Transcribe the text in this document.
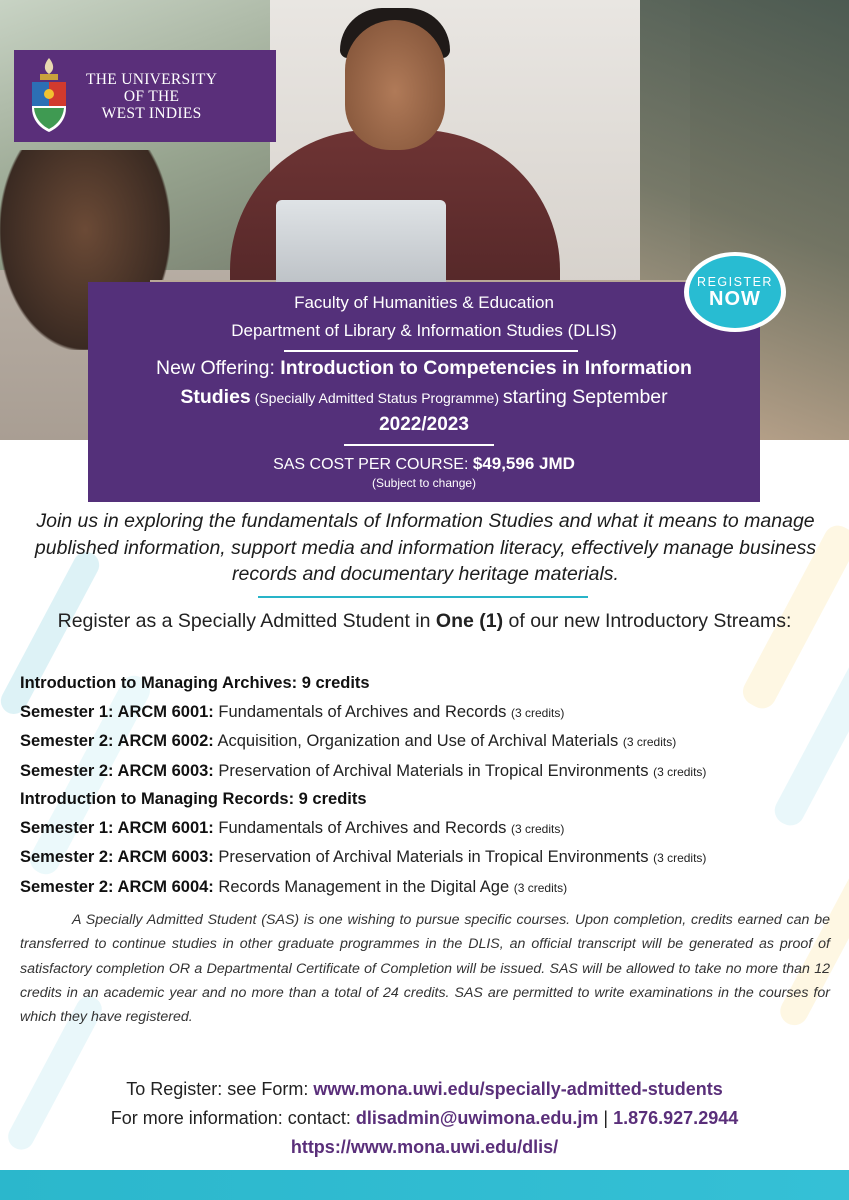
THE UNIVERSITY
OF THE
WEST INDIES
Faculty of Humanities & Education
Department of Library & Information Studies (DLIS)
New Offering: Introduction to Competencies in Information
Studies (Specially Admitted Status Programme) starting September
2022/2023
SAS COST PER COURSE: $49,596 JMD
(Subject to change)
REGISTER
NOW
Join us in exploring the fundamentals of Information Studies and what it means to manage published information, support media and information literacy, effectively manage business records and documentary heritage materials.
Register as a Specially Admitted Student in One (1) of our new Introductory Streams:
Introduction to Managing Archives: 9 credits
Semester 1: ARCM 6001: Fundamentals of Archives and Records (3 credits)
Semester 2: ARCM 6002: Acquisition, Organization and Use of Archival Materials (3 credits)
Semester 2: ARCM 6003: Preservation of Archival Materials in Tropical Environments (3 credits)
Introduction to Managing Records: 9 credits
Semester 1: ARCM 6001: Fundamentals of Archives and Records (3 credits)
Semester 2: ARCM 6003: Preservation of Archival Materials in Tropical Environments (3 credits)
Semester 2: ARCM 6004: Records Management in the Digital Age (3 credits)
A Specially Admitted Student (SAS) is one wishing to pursue specific courses. Upon completion, credits earned can be transferred to continue studies in other graduate programmes in the DLIS, an official transcript will be generated as proof of satisfactory completion OR a Departmental Certificate of Completion will be issued. SAS will be allowed to take no more than 12 credits in an academic year and no more than a total of 24 credits. SAS are permitted to write examinations in the courses for which they have registered.
To Register: see Form: www.mona.uwi.edu/specially-admitted-students
For more information: contact: dlisadmin@uwimona.edu.jm | 1.876.927.2944
https://www.mona.uwi.edu/dlis/
